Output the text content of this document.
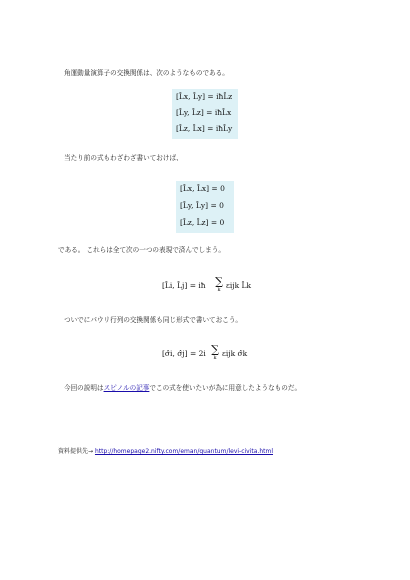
角運動量演算子の交換関係は、次のようなものである。
[L̂x, L̂y] = iħL̂z
[L̂y, L̂z] = iħL̂x
[L̂z, L̂x] = iħL̂y
当たり前の式もわざわざ書いておけば、
[L̂x, L̂x] = 0
[L̂y, L̂y] = 0
[L̂z, L̂z] = 0
である。 これらは全て次の一つの表現で済んでしまう。
[L̂i, L̂j] = iħ ∑
k εijk L̂k
ついでにパウリ行列の交換関係も同じ形式で書いておこう。
[σ̂i, σ̂j] = 2i ∑
k εijk σ̂k
今回の説明はスピノルの記事でこの式を使いたいが為に用意したようなものだ。
資料提供先→ http://homepage2.nifty.com/eman/quantum/levi-civita.html
